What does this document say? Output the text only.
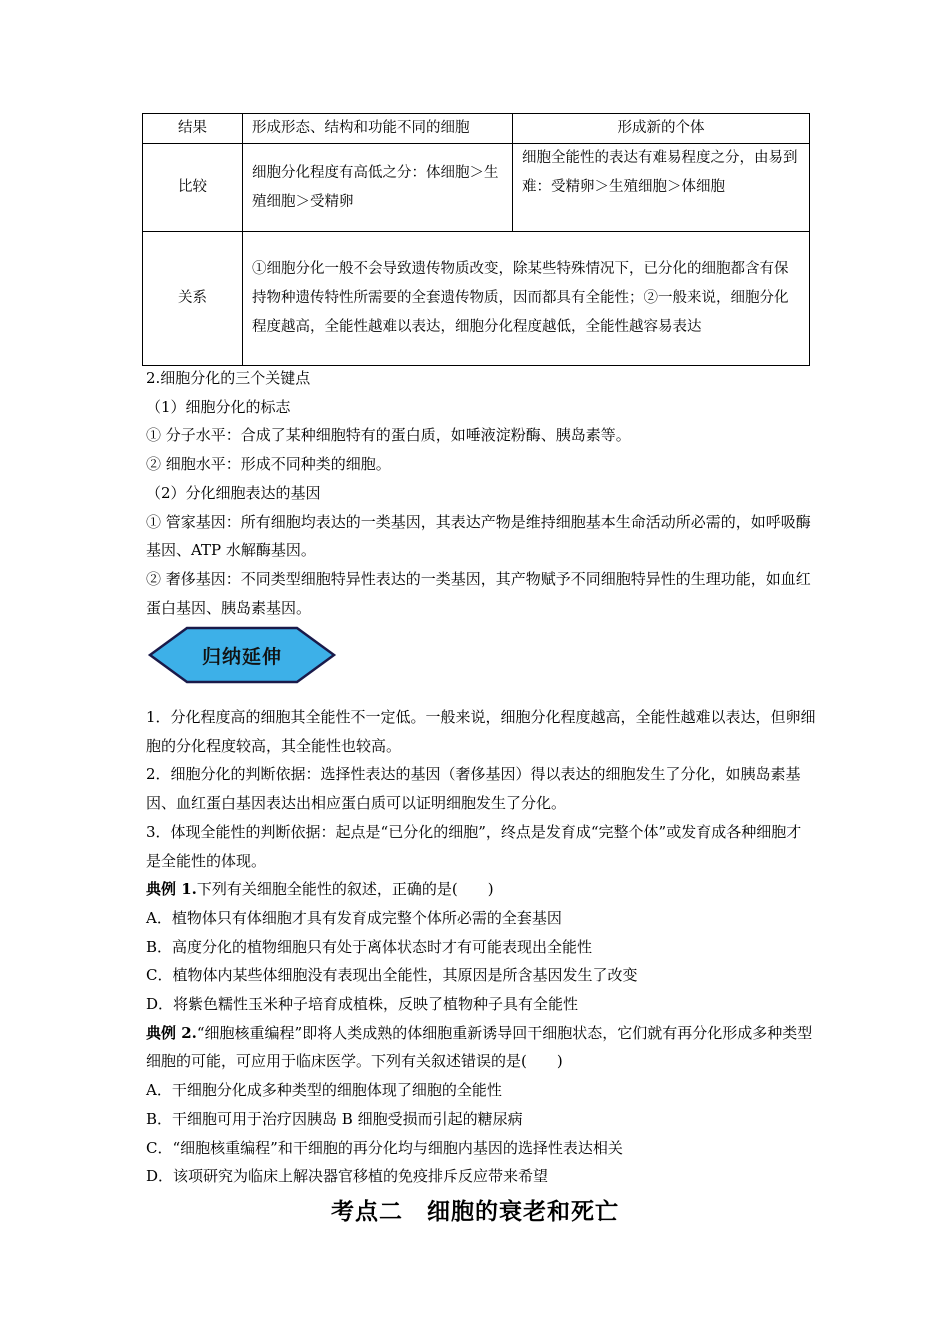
结果	形成形态、结构和功能不同的细胞	形成新的个体
比较	细胞分化程度有高低之分：体细胞＞生殖细胞＞受精卵	细胞全能性的表达有难易程度之分，由易到难：受精卵＞生殖细胞＞体细胞
关系	①细胞分化一般不会导致遗传物质改变，除某些特殊情况下，已分化的细胞都含有保持物种遗传特性所需要的全套遗传物质，因而都具有全能性；②一般来说，细胞分化程度越高，全能性越难以表达，细胞分化程度越低，全能性越容易表达	

2.细胞分化的三个关键点

（1）细胞分化的标志

① 分子水平：合成了某种细胞特有的蛋白质，如唾液淀粉酶、胰岛素等。

② 细胞水平：形成不同种类的细胞。

（2）分化细胞表达的基因

① 管家基因：所有细胞均表达的一类基因，其表达产物是维持细胞基本生命活动所必需的，如呼吸酶基因、ATP 水解酶基因。

② 奢侈基因：不同类型细胞特异性表达的一类基因，其产物赋予不同细胞特异性的生理功能，如血红蛋白基因、胰岛素基因。

归纳延伸

1．分化程度高的细胞其全能性不一定低。一般来说，细胞分化程度越高，全能性越难以表达，但卵细胞的分化程度较高，其全能性也较高。

2．细胞分化的判断依据：选择性表达的基因（奢侈基因）得以表达的细胞发生了分化，如胰岛素基因、血红蛋白基因表达出相应蛋白质可以证明细胞发生了分化。

3．体现全能性的判断依据：起点是“已分化的细胞”，终点是发育成“完整个体”或发育成各种细胞才是全能性的体现。

典例 1.下列有关细胞全能性的叙述，正确的是(　　)

A．植物体只有体细胞才具有发育成完整个体所必需的全套基因

B．高度分化的植物细胞只有处于离体状态时才有可能表现出全能性

C．植物体内某些体细胞没有表现出全能性，其原因是所含基因发生了改变

D．将紫色糯性玉米种子培育成植株，反映了植物种子具有全能性

典例 2.“细胞核重编程”即将人类成熟的体细胞重新诱导回干细胞状态，它们就有再分化形成多种类型细胞的可能，可应用于临床医学。下列有关叙述错误的是(　　)

A．干细胞分化成多种类型的细胞体现了细胞的全能性

B．干细胞可用于治疗因胰岛 B 细胞受损而引起的糖尿病

C．“细胞核重编程”和干细胞的再分化均与细胞内基因的选择性表达相关

D．该项研究为临床上解决器官移植的免疫排斥反应带来希望

考点二　细胞的衰老和死亡
